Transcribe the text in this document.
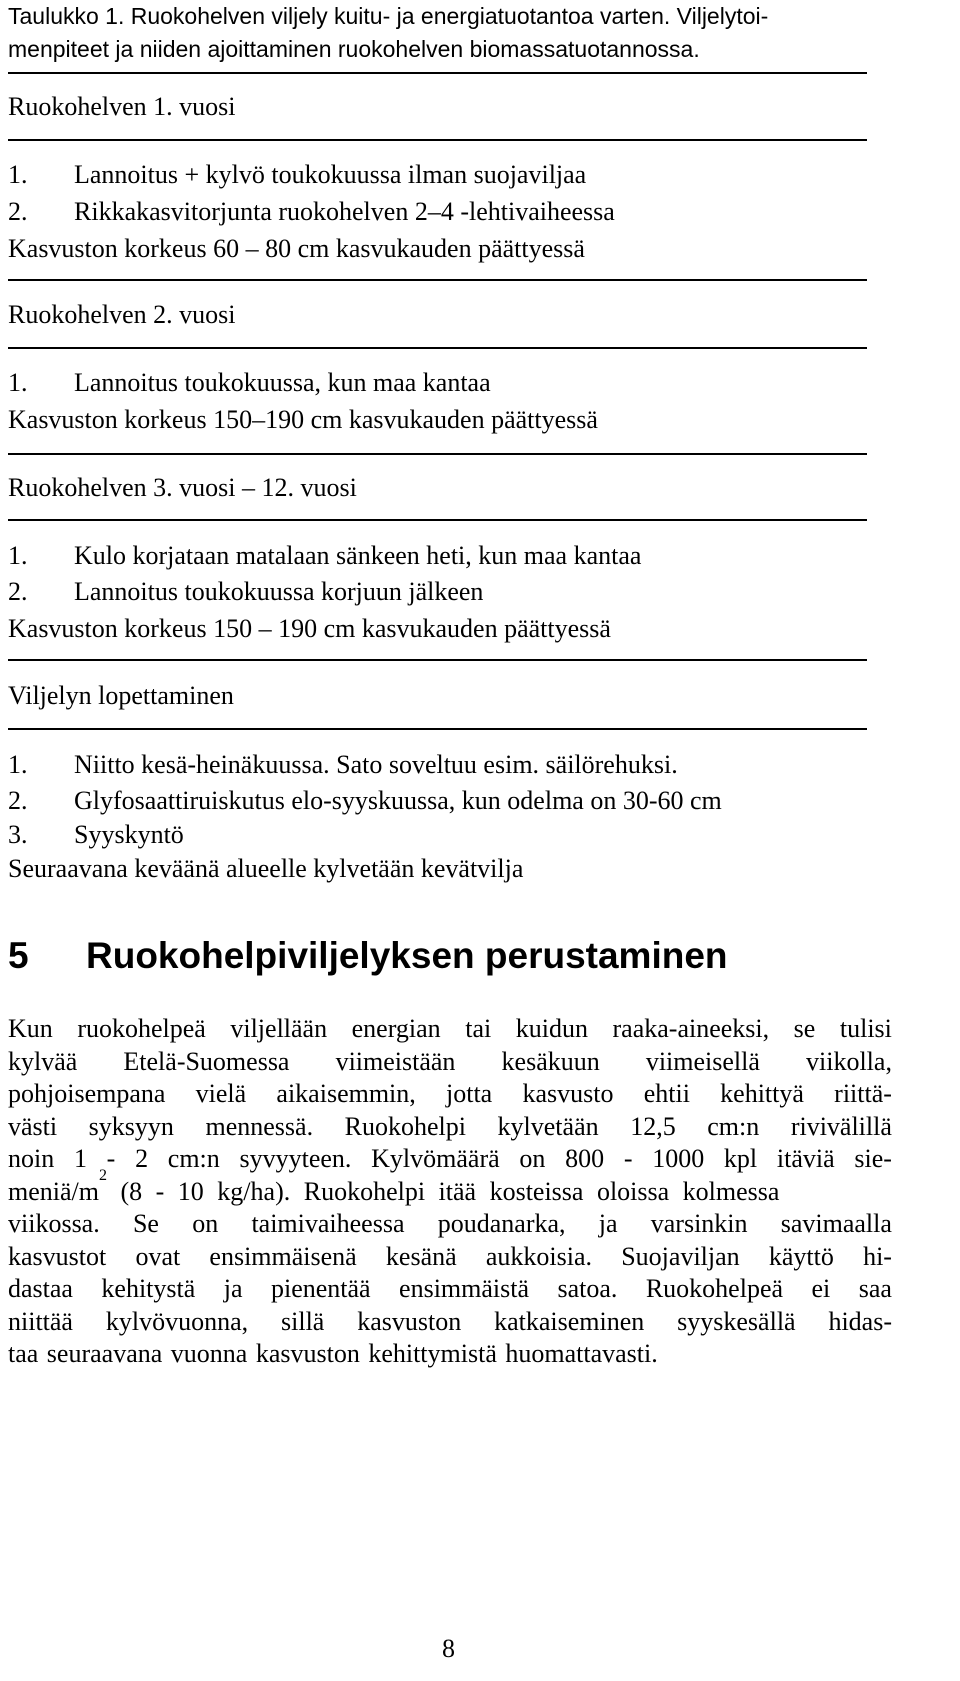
Taulukko 1. Ruokohelven viljely kuitu- ja energiatuotantoa varten. Viljelytoi-
menpiteet ja niiden ajoittaminen ruokohelven biomassatuotannossa.
Ruokohelven 1. vuosi
1. Lannoitus + kylvö toukokuussa ilman suojaviljaa
2. Rikkakasvitorjunta ruokohelven 2–4 -lehtivaiheessa
Kasvuston korkeus 60 – 80 cm kasvukauden päättyessä
Ruokohelven 2. vuosi
1. Lannoitus toukokuussa, kun maa kantaa
Kasvuston korkeus 150–190 cm kasvukauden päättyessä
Ruokohelven 3. vuosi – 12. vuosi
1. Kulo korjataan matalaan sänkeen heti, kun maa kantaa
2. Lannoitus toukokuussa korjuun jälkeen
Kasvuston korkeus 150 – 190 cm kasvukauden päättyessä
Viljelyn lopettaminen
1. Niitto kesä-heinäkuussa. Sato soveltuu esim. säilörehuksi.
2. Glyfosaattiruiskutus elo-syyskuussa, kun odelma on 30-60 cm
3. Syyskyntö
Seuraavana keväänä alueelle kylvetään kevätvilja
5 Ruokohelpiviljelyksen perustaminen
Kun ruokohelpeä viljellään energian tai kuidun raaka-aineeksi, se tulisi
kylvää Etelä-Suomessa viimeistään kesäkuun viimeisellä viikolla,
pohjoisempana vielä aikaisemmin, jotta kasvusto ehtii kehittyä riittä-
västi syksyyn mennessä. Ruokohelpi kylvetään 12,5 cm:n rivivälillä
noin 1 - 2 cm:n syvyyteen. Kylvömäärä on 800 - 1000 kpl itäviä sie-
meniä/m
2
(8 - 10 kg/ha). Ruokohelpi itää kosteissa oloissa kolmessa
viikossa. Se on taimivaiheessa poudanarka, ja varsinkin savimaalla
kasvustot ovat ensimmäisenä kesänä aukkoisia. Suojaviljan käyttö hi-
dastaa kehitystä ja pienentää ensimmäistä satoa. Ruokohelpeä ei saa
niittää kylvövuonna, sillä kasvuston katkaiseminen syyskesällä hidas-
taa seuraavana vuonna kasvuston kehittymistä huomattavasti.
8
